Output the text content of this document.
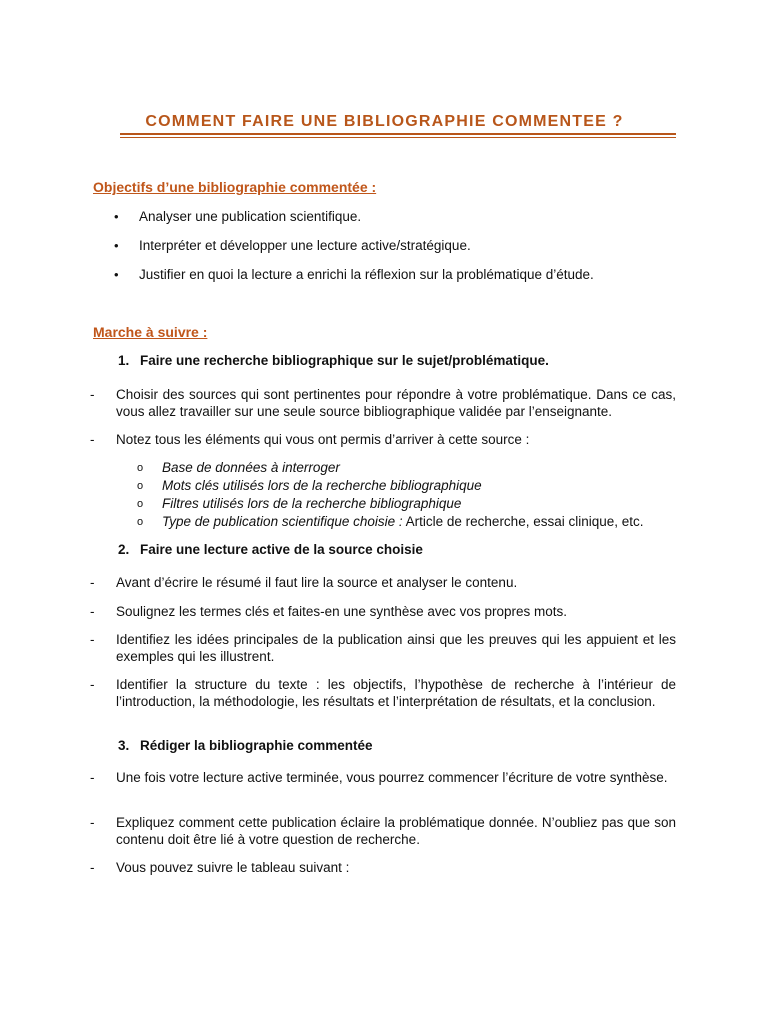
COMMENT FAIRE UNE BIBLIOGRAPHIE COMMENTEE ?
Objectifs d’une bibliographie commentée :
•	Analyser une publication scientifique.
•	Interpréter et développer une lecture active/stratégique.
•	Justifier en quoi la lecture a enrichi la réflexion sur la problématique d’étude.
Marche à suivre :
1. Faire une recherche bibliographique sur le sujet/problématique.
-	Choisir des sources qui sont pertinentes pour répondre à votre problématique. Dans ce cas, vous allez travailler sur une seule source bibliographique validée par l’enseignante.
-	Notez tous les éléments qui vous ont permis d’arriver à cette source :
o	Base de données à interroger
o	Mots clés utilisés lors de la recherche bibliographique
o	Filtres utilisés lors de la recherche bibliographique
o	Type de publication scientifique choisie : Article de recherche, essai clinique, etc.
2. Faire une lecture active de la source choisie
-	Avant d’écrire le résumé il faut lire la source et analyser le contenu.
-	Soulignez les termes clés et faites-en une synthèse avec vos propres mots.
-	Identifiez les idées principales de la publication ainsi que les preuves qui les appuient et les exemples qui les illustrent.
-	Identifier la structure du texte : les objectifs, l’hypothèse de recherche à l’intérieur de l’introduction, la méthodologie, les résultats et l’interprétation de résultats, et la conclusion.
3. Rédiger la bibliographie commentée
-	Une fois votre lecture active terminée, vous pourrez commencer l’écriture de votre synthèse.
-	Expliquez comment cette publication éclaire la problématique donnée. N’oubliez pas que son contenu doit être lié à votre question de recherche.
-	Vous pouvez suivre le tableau suivant :
